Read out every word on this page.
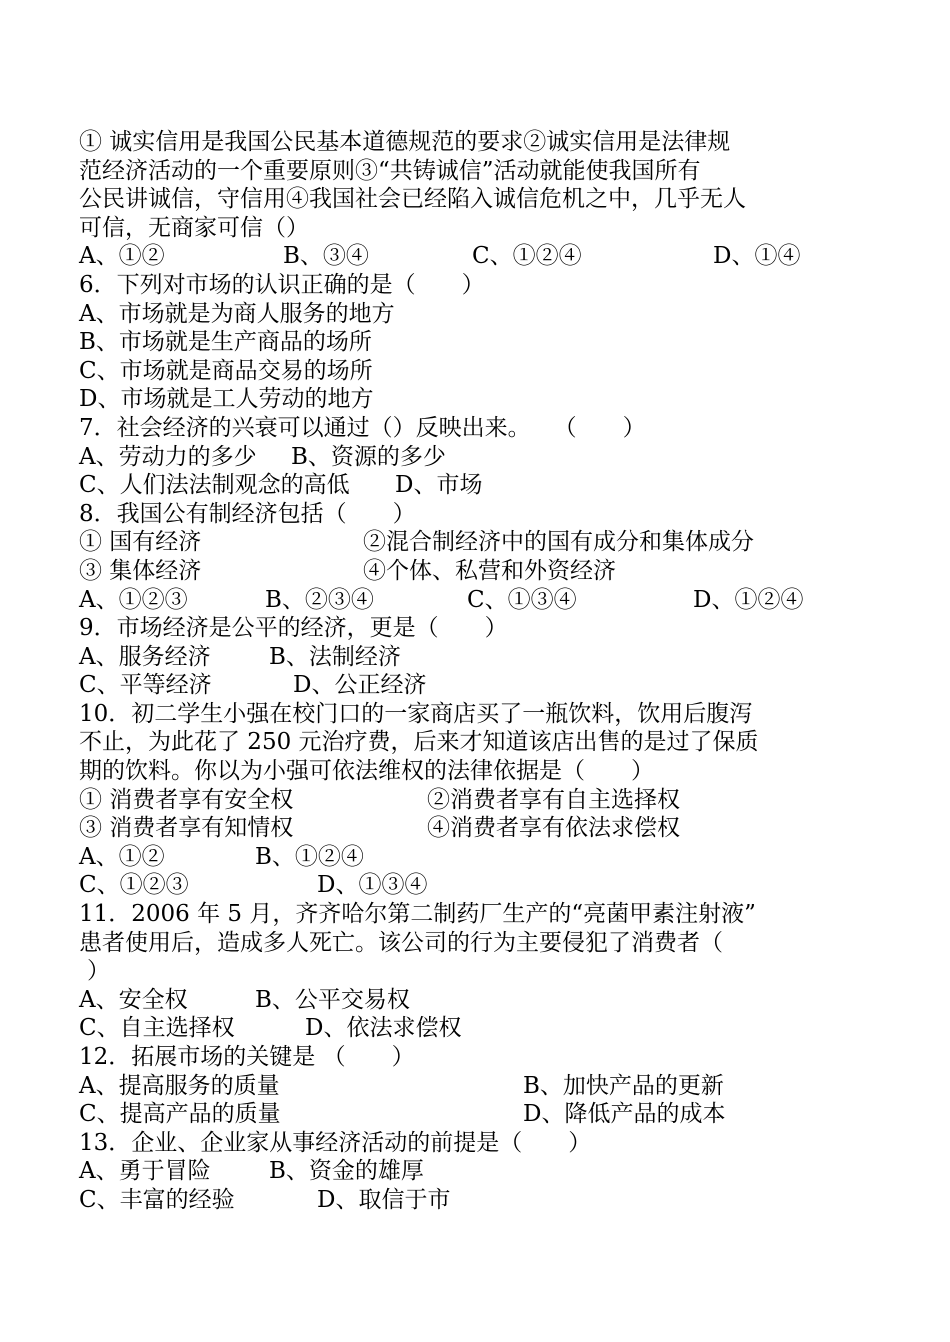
① 诚实信用是我国公民基本道德规范的要求②诚实信用是法律规
范经济活动的一个重要原则③“共铸诚信”活动就能使我国所有
公民讲诚信，守信用④我国社会已经陷入诚信危机之中，几乎无人
可信，无商家可信（）
A、①②	B、③④	C、①②④	D、①④
6．下列对市场的认识正确的是（　　）
A、市场就是为商人服务的地方
B、市场就是生产商品的场所
C、市场就是商品交易的场所
D、市场就是工人劳动的地方
7．社会经济的兴衰可以通过（）反映出来。　　（　　）
A、劳动力的多少 B、资源的多少
C、人们法法制观念的高低 D、市场
8．我国公有制经济包括（　　）
① 国有经济	②混合制经济中的国有成分和集体成分
③ 集体经济	④个体、私营和外资经济
A、①②③	B、②③④	C、①③④	D、①②④
9．市场经济是公平的经济，更是（　　）
A、服务经济	B、法制经济
C、平等经济	D、公正经济
10．初二学生小强在校门口的一家商店买了一瓶饮料，饮用后腹泻
不止，为此花了 250 元治疗费，后来才知道该店出售的是过了保质
期的饮料。你以为小强可依法维权的法律依据是（　　）
① 消费者享有安全权	②消费者享有自主选择权
③ 消费者享有知情权	④消费者享有依法求偿权
A、①②	B、①②④
C、①②③	D、①③④
11．2006 年 5 月，齐齐哈尔第二制药厂生产的“亮菌甲素注射液”
患者使用后，造成多人死亡。该公司的行为主要侵犯了消费者（
）
A、安全权	B、公平交易权
C、自主选择权	D、依法求偿权
12．拓展市场的关键是 （　　）
A、提高服务的质量	B、加快产品的更新
C、提高产品的质量	D、降低产品的成本
13．企业、企业家从事经济活动的前提是（　　）
A、勇于冒险	B、资金的雄厚
C、丰富的经验	D、取信于市
